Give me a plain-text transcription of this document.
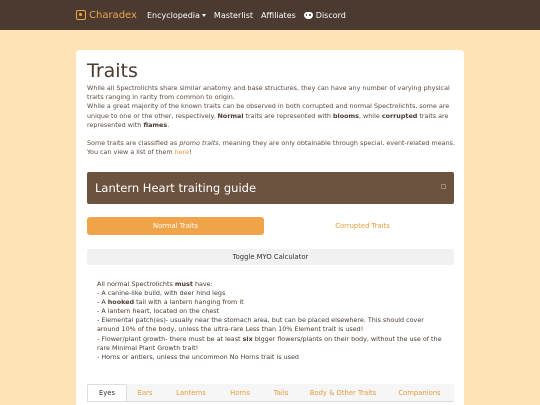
Charadex Encyclopedia Masterlist Affiliates	Discord
Traits

While all Spectrolichts share similar anatomy and base structures, they can have any number of varying physical traits ranging in rarity from common to origin.

While a great majority of the known traits can be observed in both corrupted and normal Spectrolichts, some are unique to one or the other, respectively. Normal traits are represented with blooms, while corrupted traits are represented with flames.

Some traits are classified as promo traits, meaning they are only obtainable through special, event-related means. You can view a list of them here!

Lantern Heart traiting guide
Normal Traits	Corrupted Traits
Toggle MYO Calculator

All normal Spectrolichts must have:

- A canine-like build, with deer hind legs

- A hooked tail with a lantern hanging from it

- A lantern heart, located on the chest

- Elemental patch(es)- usually near the stomach area, but can be placed elsewhere. This should cover around 10% of the body, unless the ultra-rare Less than 10% Element trait is used!

- Flower/plant growth- there must be at least six bigger flowers/plants on their body, without the use of the rare Minimal Plant Growth trait!

- Horns or antlers, unless the uncommon No Horns trait is used

Eyes	Ears	Lanterns	Horns	Tails	Body & Other Traits	Companions
